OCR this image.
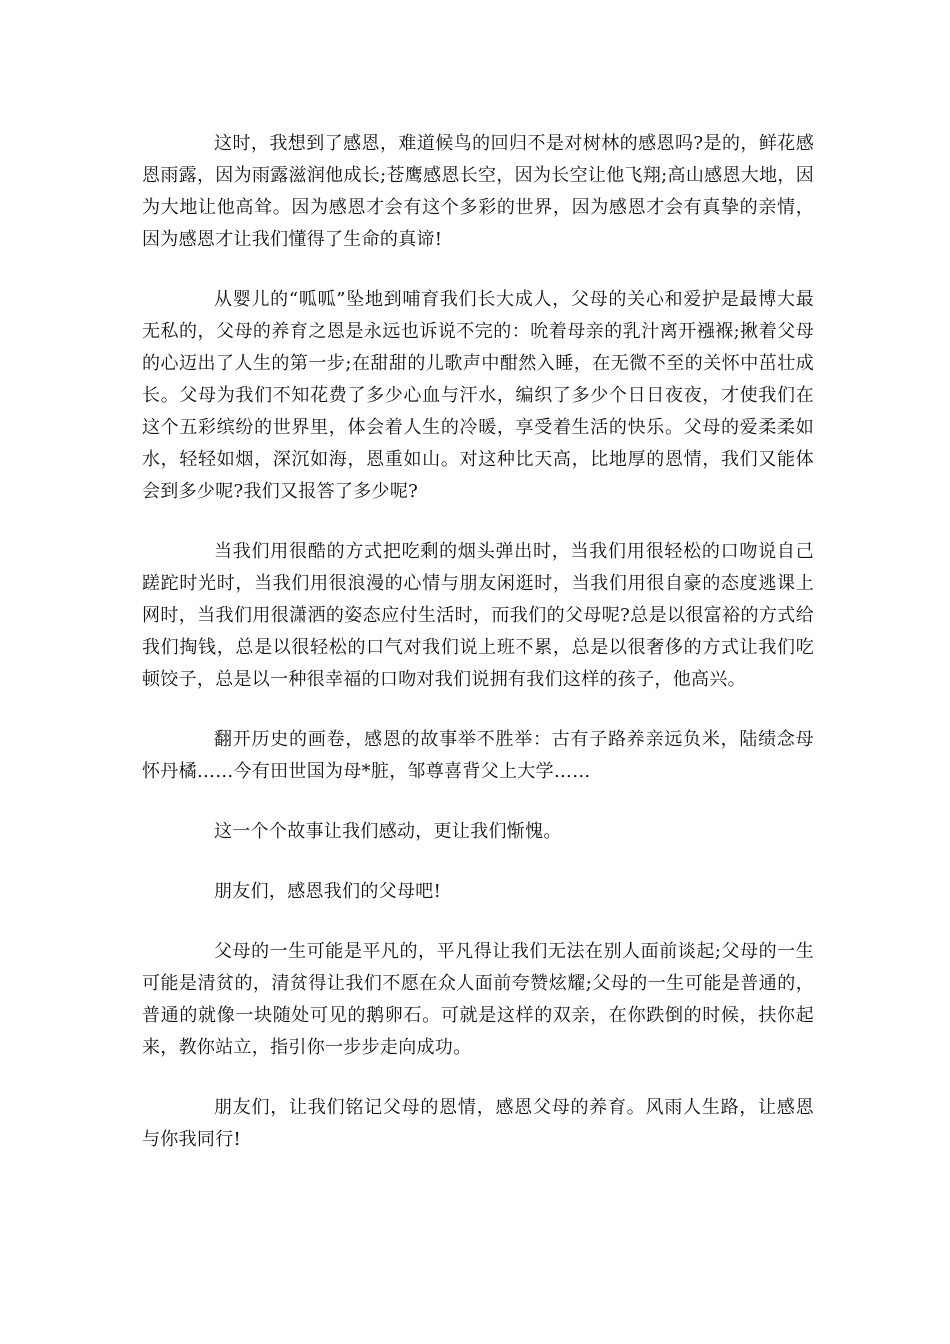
这时，我想到了感恩，难道候鸟的回归不是对树林的感恩吗?是的，鲜花感恩雨露，因为雨露滋润他成长;苍鹰感恩长空，因为长空让他飞翔;高山感恩大地，因为大地让他高耸。因为感恩才会有这个多彩的世界，因为感恩才会有真挚的亲情，因为感恩才让我们懂得了生命的真谛!

从婴儿的“呱呱”坠地到哺育我们长大成人，父母的关心和爱护是最博大最无私的，父母的养育之恩是永远也诉说不完的：吮着母亲的乳汁离开襁褓;揪着父母的心迈出了人生的第一步;在甜甜的儿歌声中酣然入睡，在无微不至的关怀中茁壮成长。父母为我们不知花费了多少心血与汗水，编织了多少个日日夜夜，才使我们在这个五彩缤纷的世界里，体会着人生的冷暖，享受着生活的快乐。父母的爱柔柔如水，轻轻如烟，深沉如海，恩重如山。对这种比天高，比地厚的恩情，我们又能体会到多少呢?我们又报答了多少呢?

当我们用很酷的方式把吃剩的烟头弹出时，当我们用很轻松的口吻说自己蹉跎时光时，当我们用很浪漫的心情与朋友闲逛时，当我们用很自豪的态度逃课上网时，当我们用很潇洒的姿态应付生活时，而我们的父母呢?总是以很富裕的方式给我们掏钱，总是以很轻松的口气对我们说上班不累，总是以很奢侈的方式让我们吃顿饺子，总是以一种很幸福的口吻对我们说拥有我们这样的孩子，他高兴。

翻开历史的画卷，感恩的故事举不胜举：古有子路养亲远负米，陆绩念母怀丹橘……今有田世国为母*脏，邹尊喜背父上大学……

这一个个故事让我们感动，更让我们惭愧。

朋友们，感恩我们的父母吧!

父母的一生可能是平凡的，平凡得让我们无法在别人面前谈起;父母的一生可能是清贫的，清贫得让我们不愿在众人面前夸赞炫耀;父母的一生可能是普通的，普通的就像一块随处可见的鹅卵石。可就是这样的双亲，在你跌倒的时候，扶你起来，教你站立，指引你一步步走向成功。

朋友们，让我们铭记父母的恩情，感恩父母的养育。风雨人生路，让感恩与你我同行!
